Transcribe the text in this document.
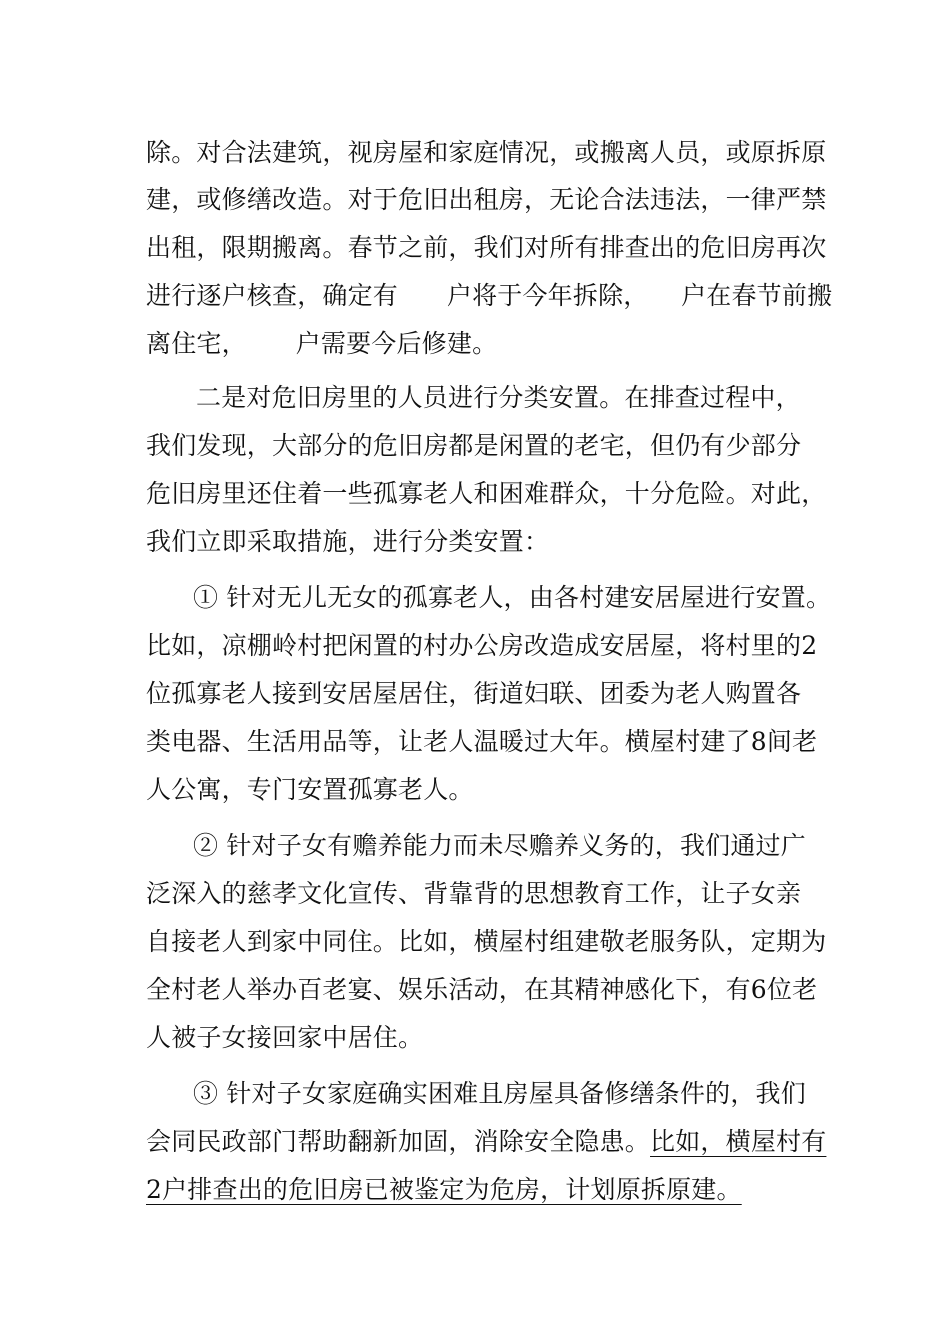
除。对合法建筑，视房屋和家庭情况，或搬离人员，或原拆原
建，或修缮改造。对于危旧出租房，无论合法违法，一律严禁
出租，限期搬离。春节之前，我们对所有排查出的危旧房再次
进行逐户核查，确定有      户将于今年拆除，    户在春节前搬
离住宅，      户需要今后修建。
二是对危旧房里的人员进行分类安置。在排查过程中，
我们发现，大部分的危旧房都是闲置的老宅，但仍有少部分
危旧房里还住着一些孤寡老人和困难群众，十分危险。对此，
我们立即采取措施，进行分类安置：
① 针对无儿无女的孤寡老人，由各村建安居屋进行安置。
比如，凉棚岭村把闲置的村办公房改造成安居屋，将村里的2
位孤寡老人接到安居屋居住，街道妇联、团委为老人购置各
类电器、生活用品等，让老人温暖过大年。横屋村建了8间老
人公寓，专门安置孤寡老人。
② 针对子女有赡养能力而未尽赡养义务的，我们通过广
泛深入的慈孝文化宣传、背靠背的思想教育工作，让子女亲
自接老人到家中同住。比如，横屋村组建敬老服务队，定期为
全村老人举办百老宴、娱乐活动，在其精神感化下，有6位老
人被子女接回家中居住。
③ 针对子女家庭确实困难且房屋具备修缮条件的，我们
会同民政部门帮助翻新加固，消除安全隐患。比如，横屋村有
2户排查出的危旧房已被鉴定为危房，计划原拆原建。
